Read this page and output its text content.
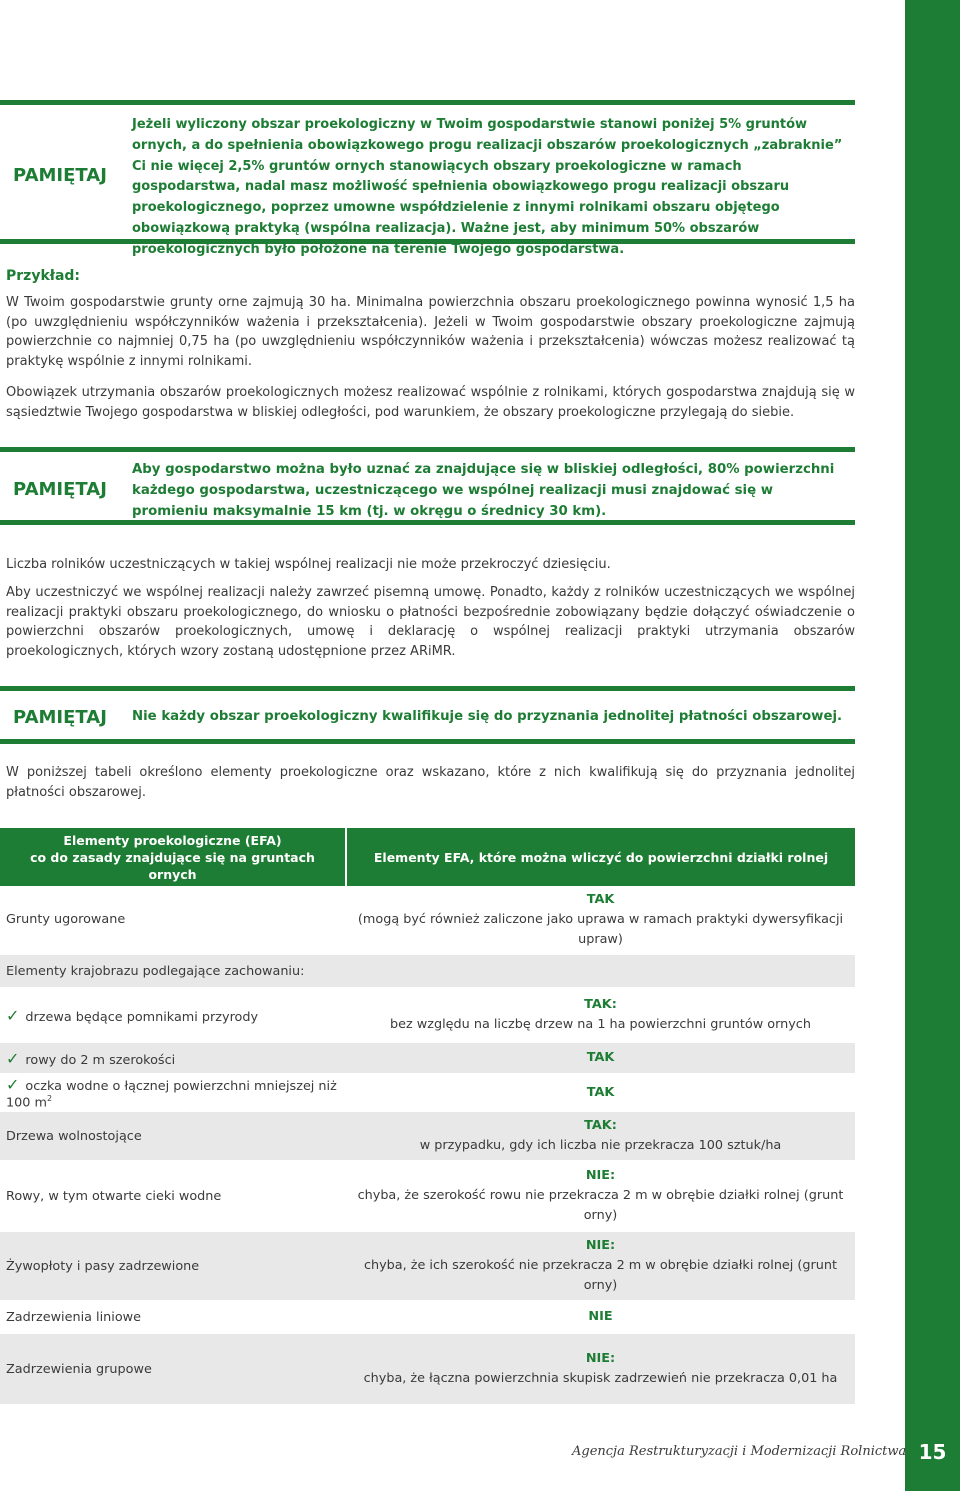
PAMIĘTAJ
Jeżeli wyliczony obszar proekologiczny w Twoim gospodarstwie stanowi poniżej 5% gruntów ornych, a do spełnienia obowiązkowego progu realizacji obszarów proekologicznych „zabraknie” Ci nie więcej 2,5% gruntów ornych stanowiących obszary proekologiczne w ramach gospodarstwa, nadal masz możliwość spełnienia obowiązkowego progu realizacji obszaru proekologicznego, poprzez umowne współdzielenie z innymi rolnikami obszaru objętego obowiązkową praktyką (wspólna realizacja). Ważne jest, aby minimum 50% obszarów proekologicznych było położone na terenie Twojego gospodarstwa.

Przykład:

W Twoim gospodarstwie grunty orne zajmują 30 ha. Minimalna powierzchnia obszaru proekologicznego powinna wynosić 1,5 ha (po uwzględnieniu współczynników ważenia i przekształcenia). Jeżeli w Twoim gospodarstwie obszary proekologiczne zajmują powierzchnie co najmniej 0,75 ha (po uwzględnieniu współczynników ważenia i przekształcenia) wówczas możesz realizować tą praktykę wspólnie z innymi rolnikami.

Obowiązek utrzymania obszarów proekologicznych możesz realizować wspólnie z rolnikami, których gospodarstwa znajdują się w sąsiedztwie Twojego gospodarstwa w bliskiej odległości, pod warunkiem, że obszary proekologiczne przylegają do siebie.

PAMIĘTAJ
Aby gospodarstwo można było uznać za znajdujące się w bliskiej odległości, 80% powierzchni każdego gospodarstwa, uczestniczącego we wspólnej realizacji musi znajdować się w promieniu maksymalnie 15 km (tj. w okręgu o średnicy 30 km).

Liczba rolników uczestniczących w takiej wspólnej realizacji nie może przekroczyć dziesięciu.

Aby uczestniczyć we wspólnej realizacji należy zawrzeć pisemną umowę. Ponadto, każdy z rolników uczestniczących we wspólnej realizacji praktyki obszaru proekologicznego, do wniosku o płatności bezpośrednie zobowiązany będzie dołączyć oświadczenie o powierzchni obszarów proekologicznych, umowę i deklarację o wspólnej realizacji praktyki utrzymania obszarów proekologicznych, których wzory zostaną udostępnione przez ARiMR.

PAMIĘTAJ	Nie każdy obszar proekologiczny kwalifikuje się do przyznania jednolitej płatności obszarowej.

W poniższej tabeli określono elementy proekologiczne oraz wskazano, które z nich kwalifikują się do przyznania jednolitej płatności obszarowej.

Elementy proekologiczne (EFA)
co do zasady znajdujące się na gruntach ornych	Elementy EFA, które można wliczyć do powierzchni działki rolnej
Grunty ugorowane	TAK
(mogą być również zaliczone jako uprawa w ramach praktyki dywersyfikacji upraw)
Elementy krajobrazu podlegające zachowaniu:	
✓ drzewa będące pomnikami przyrody	TAK:
bez względu na liczbę drzew na 1 ha powierzchni gruntów ornych
✓ rowy do 2 m szerokości	TAK

✓ oczka wodne o łącznej powierzchni mniejszej niż 100 $m^2$	TAK

Drzewa wolnostojące	TAK:
w przypadku, gdy ich liczba nie przekracza 100 sztuk/ha
Rowy, w tym otwarte cieki wodne	NIE:
chyba, że szerokość rowu nie przekracza 2 m w obrębie działki rolnej (grunt orny)
Żywopłoty i pasy zadrzewione	NIE:
chyba, że ich szerokość nie przekracza 2 m w obrębie działki rolnej (grunt orny)
Zadrzewienia liniowe	NIE

Zadrzewienia grupowe	NIE:
chyba, że łączna powierzchnia skupisk zadrzewień nie przekracza 0,01 ha
Agencja Restrukturyzacji i Modernizacji Rolnictwa 15
